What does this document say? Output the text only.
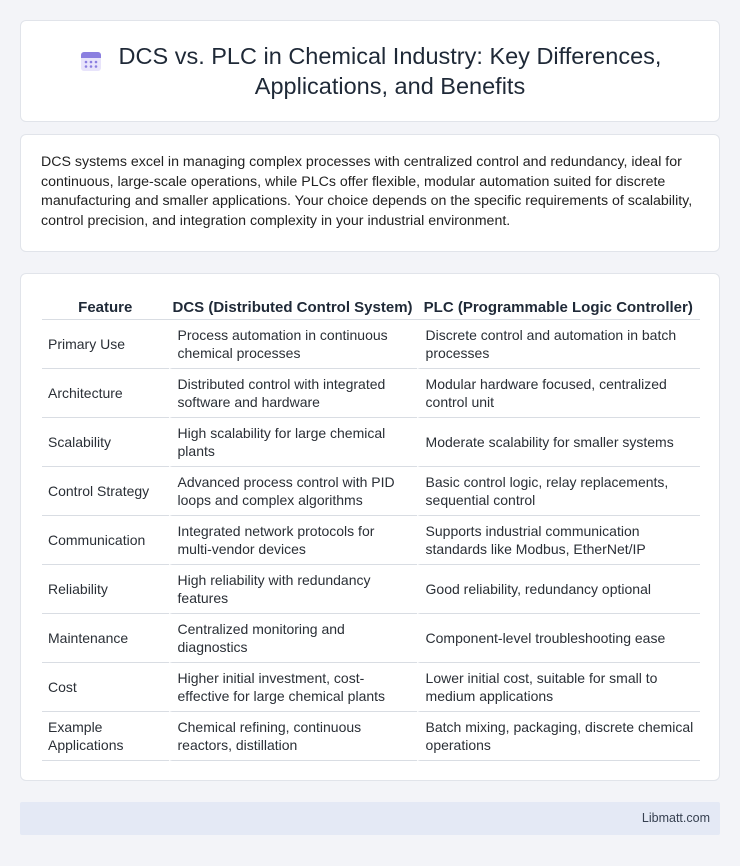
DCS vs. PLC in Chemical Industry: Key Differences, Applications, and Benefits

DCS systems excel in managing complex processes with centralized control and redundancy, ideal for continuous, large-scale operations, while PLCs offer flexible, modular automation suited for discrete manufacturing and smaller applications. Your choice depends on the specific requirements of scalability, control precision, and integration complexity in your industrial environment.

Feature	DCS (Distributed Control System)	PLC (Programmable Logic Controller)
Primary Use	Process automation in continuous chemical processes	Discrete control and automation in batch processes
Architecture	Distributed control with integrated software and hardware	Modular hardware focused, centralized control unit
Scalability	High scalability for large chemical plants	Moderate scalability for smaller systems
Control Strategy	Advanced process control with PID loops and complex algorithms	Basic control logic, relay replacements, sequential control
Communication	Integrated network protocols for multi-vendor devices	Supports industrial communication standards like Modbus, EtherNet/IP
Reliability	High reliability with redundancy features	Good reliability, redundancy optional
Maintenance	Centralized monitoring and diagnostics	Component-level troubleshooting ease
Cost	Higher initial investment, cost-effective for large chemical plants	Lower initial cost, suitable for small to medium applications
Example Applications	Chemical refining, continuous reactors, distillation	Batch mixing, packaging, discrete chemical operations
Libmatt.com
